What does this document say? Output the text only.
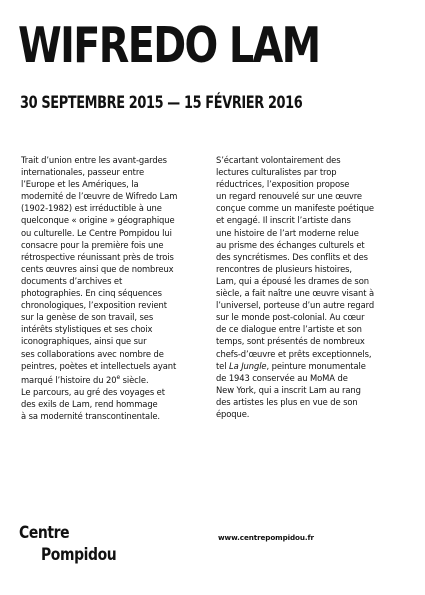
WIFREDO LAM
30 SEPTEMBRE 2015 — 15 FÉVRIER 2016
Trait d’union entre les avant-gardes
internationales, passeur entre
l’Europe et les Amériques, la
modernité de l’œuvre de Wifredo Lam
(1902-1982) est irréductible à une
quelconque « origine » géographique
ou culturelle. Le Centre Pompidou lui
consacre pour la première fois une
rétrospective réunissant près de trois
cents œuvres ainsi que de nombreux
documents d’archives et
photographies. En cinq séquences
chronologiques, l’exposition revient
sur la genèse de son travail, ses
intérêts stylistiques et ses choix
iconographiques, ainsi que sur
ses collaborations avec nombre de
peintres, poètes et intellectuels ayant
marqué l’histoire du 20e siècle.
Le parcours, au gré des voyages et
des exils de Lam, rend hommage
à sa modernité transcontinentale.
S’écartant volontairement des
lectures culturalistes par trop
réductrices, l’exposition propose
un regard renouvelé sur une œuvre
conçue comme un manifeste poétique
et engagé. Il inscrit l’artiste dans
une histoire de l’art moderne relue
au prisme des échanges culturels et
des syncrétismes. Des conflits et des
rencontres de plusieurs histoires,
Lam, qui a épousé les drames de son
siècle, a fait naître une œuvre visant à
l’universel, porteuse d’un autre regard
sur le monde post-colonial. Au cœur
de ce dialogue entre l’artiste et son
temps, sont présentés de nombreux
chefs-d’œuvre et prêts exceptionnels,
tel La Jungle, peinture monumentale
de 1943 conservée au MoMA de
New York, qui a inscrit Lam au rang
des artistes les plus en vue de son
époque.
Centre
Pompidou
www.centrepompidou.fr
